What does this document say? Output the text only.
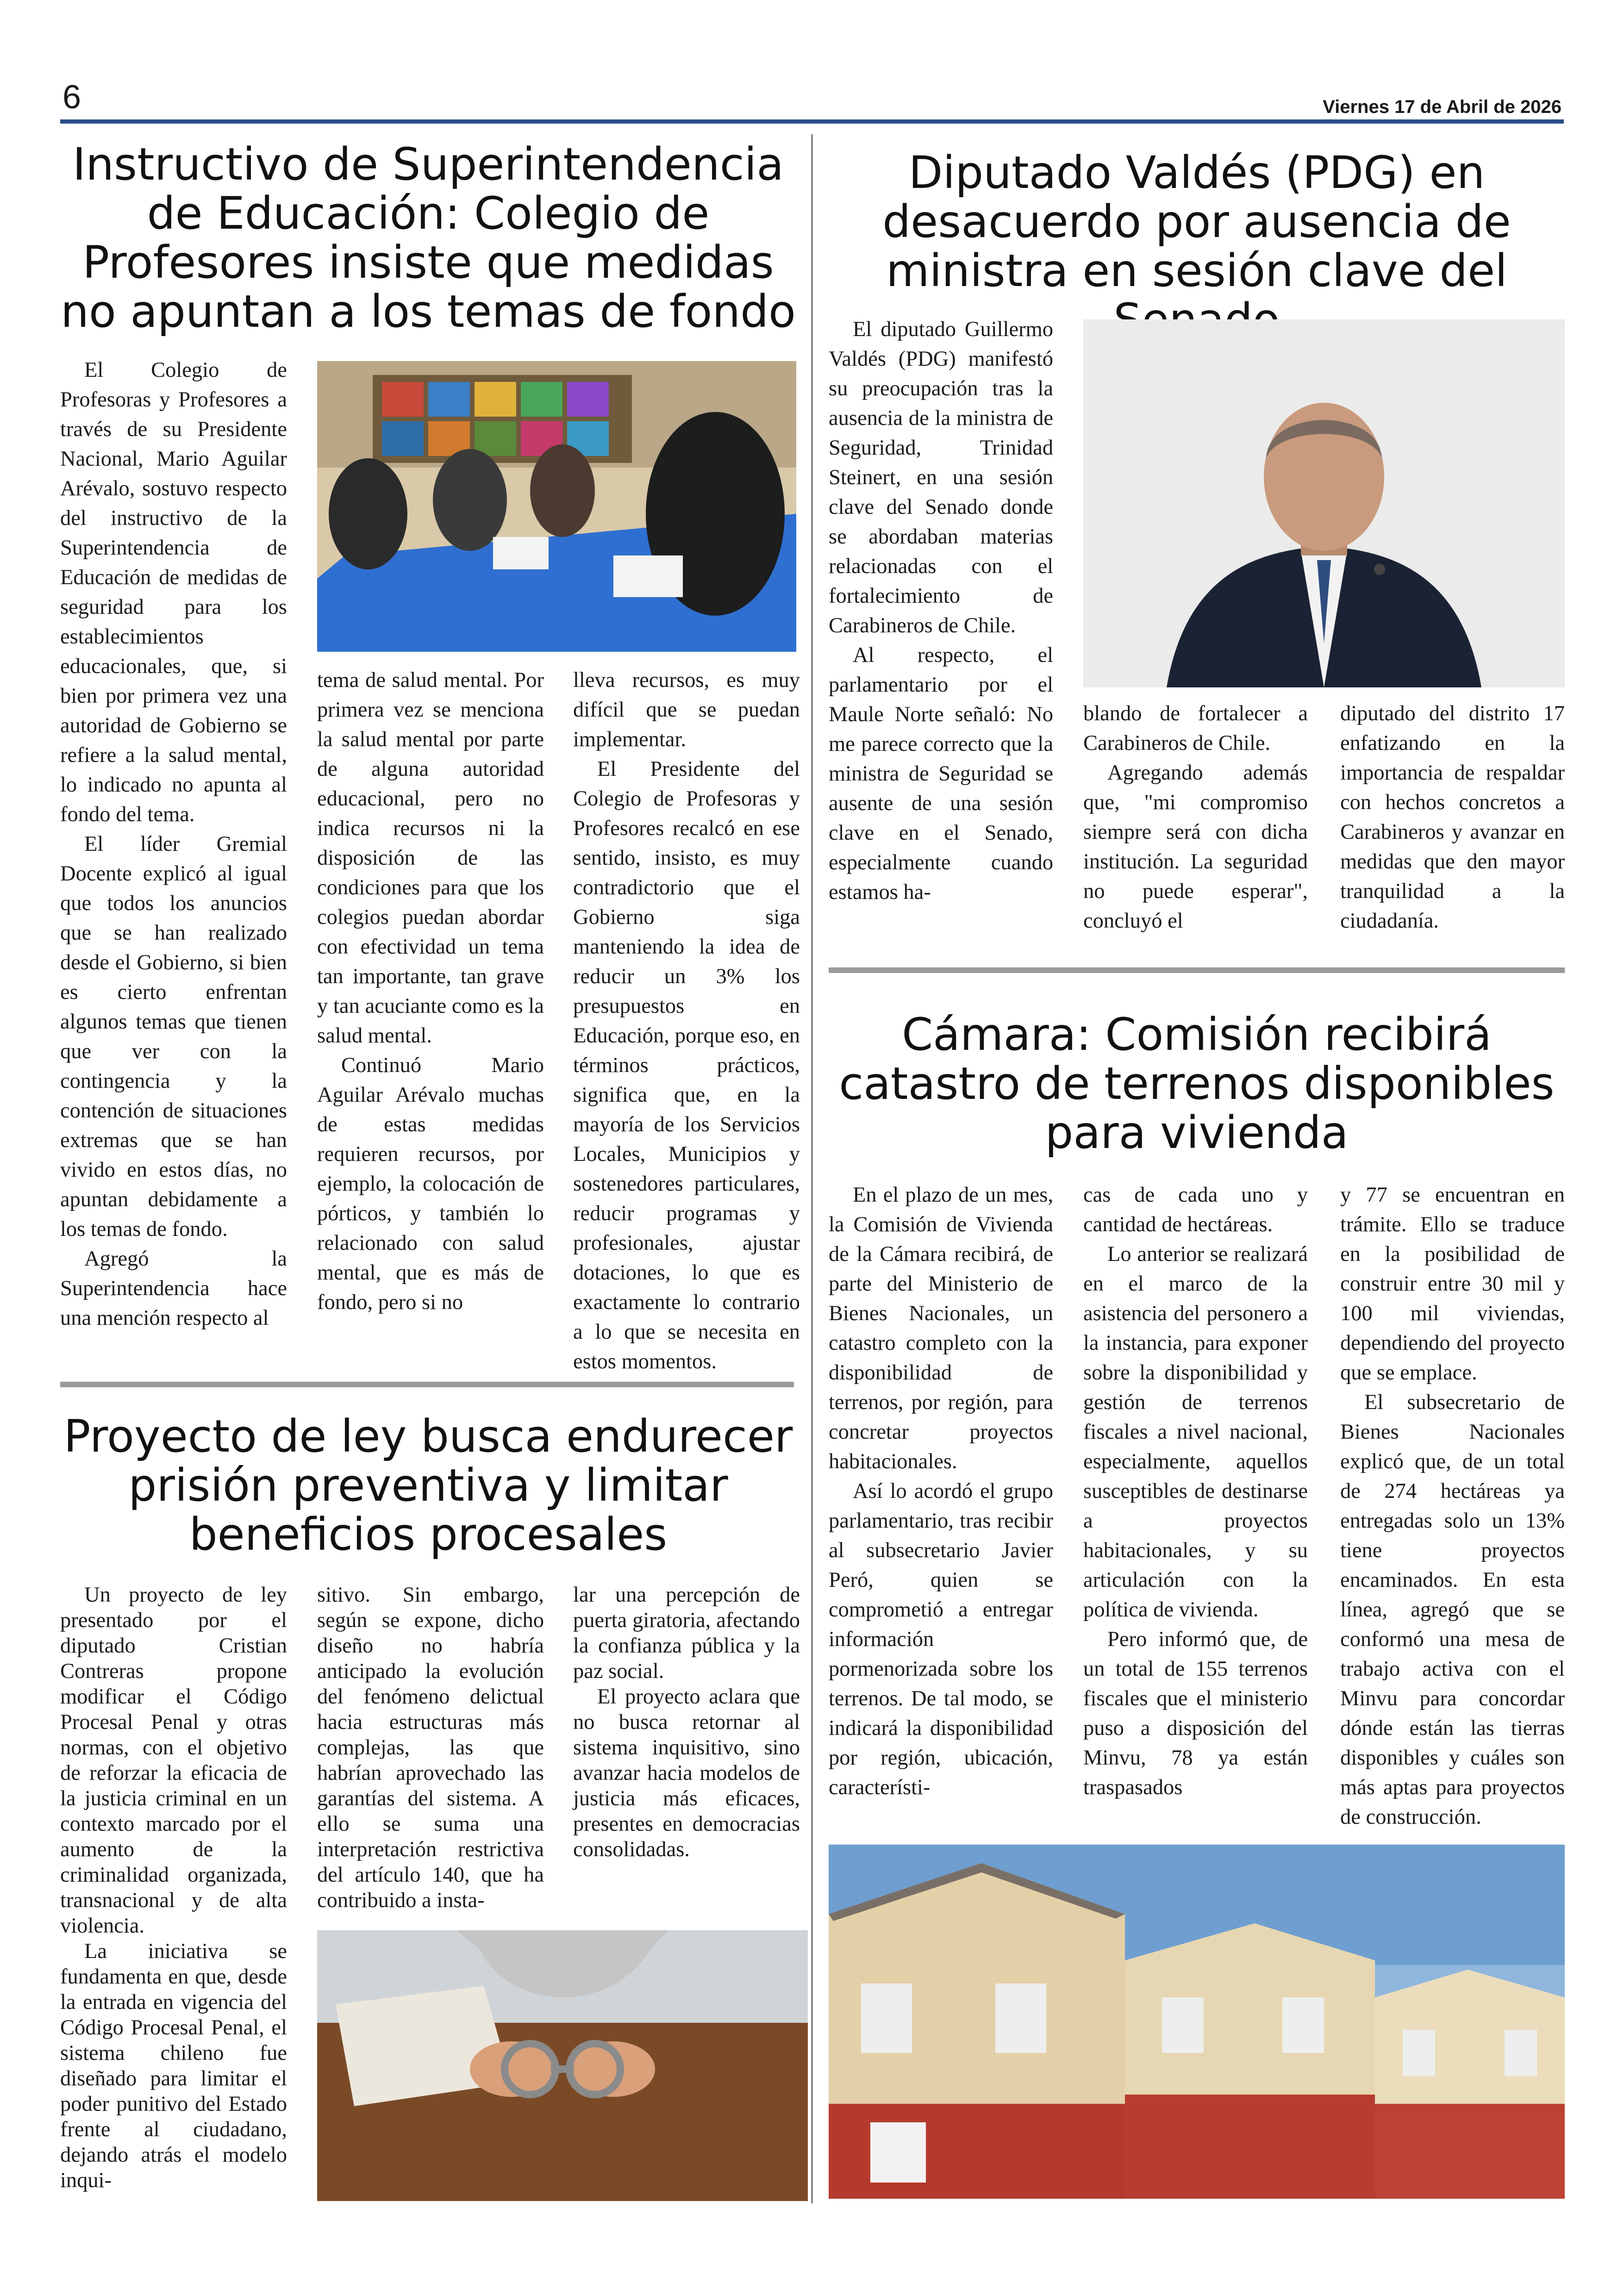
6	Viernes 17 de Abril de 2026
Instructivo de Superintendencia de Educación: Colegio de Profesores insiste que medidas no apuntan a los temas de fondo

El Colegio de Profesoras y Profesores a través de su Presidente Nacional, Mario Aguilar Arévalo, sostuvo respecto del instructivo de la Superintendencia de Educación de medidas de seguridad para los establecimientos educacionales, que, si bien por primera vez una autoridad de Gobierno se refiere a la salud mental, lo indicado no apunta al fondo del tema.

El líder Gremial Docente explicó al igual que todos los anuncios que se han realizado desde el Gobierno, si bien es cierto enfrentan algunos temas que tienen que ver con la contingencia y la contención de situaciones extremas que se han vivido en estos días, no apuntan debidamente a los temas de fondo.

Agregó la Superintendencia hace una mención respecto al

tema de salud mental. Por primera vez se menciona la salud mental por parte de alguna autoridad educacional, pero no indica recursos ni la disposición de las condiciones para que los colegios puedan abordar con efectividad un tema tan importante, tan grave y tan acuciante como es la salud mental.

Continuó Mario Aguilar Arévalo muchas de estas medidas requieren recursos, por ejemplo, la colocación de pórticos, y también lo relacionado con salud mental, que es más de fondo, pero si no

lleva recursos, es muy difícil que se puedan implementar.

El Presidente del Colegio de Profesoras y Profesores recalcó en ese sentido, insisto, es muy contradictorio que el Gobierno siga manteniendo la idea de reducir un 3% los presupuestos en Educación, porque eso, en términos prácticos, significa que, en la mayoría de los Servicios Locales, Municipios y sostenedores particulares, reducir programas y profesionales, ajustar dotaciones, lo que es exactamente lo contrario a lo que se necesita en estos momentos.

Diputado Valdés (PDG) en desacuerdo por ausencia de ministra en sesión clave del

El diputado Guillermo Valdés (PDG) manifestó su preocupación tras la ausencia de la ministra de Seguridad, Trinidad Steinert, en una sesión clave del Senado donde se abordaban materias relacionadas con el fortalecimiento de Carabineros de Chile.

Al respecto, el parlamentario por el Maule Norte señaló: No me parece correcto que la ministra de Seguridad se ausente de una sesión clave en el Senado, especialmente cuando estamos ha-

blando de fortalecer a Carabineros de Chile.

Agregando además que, "mi compromiso siempre será con dicha institución. La seguridad no puede esperar", concluyó el

diputado del distrito 17 enfatizando en la importancia de respaldar con hechos concretos a Carabineros y avanzar en medidas que den mayor tranquilidad a la ciudadanía.

Cámara: Comisión recibirá catastro de terrenos disponibles para vivienda

En el plazo de un mes, la Comisión de Vivienda de la Cámara recibirá, de parte del Ministerio de Bienes Nacionales, un catastro completo con la disponibilidad de terrenos, por región, para concretar proyectos habitacionales.

Así lo acordó el grupo parlamentario, tras recibir al subsecretario Javier Peró, quien se comprometió a entregar información pormenorizada sobre los terrenos. De tal modo, se indicará la disponibilidad por región, ubicación, característi-

cas de cada uno y cantidad de hectáreas.

Lo anterior se realizará en el marco de la asistencia del personero a la instancia, para exponer sobre la disponibilidad y gestión de terrenos fiscales a nivel nacional, especialmente, aquellos susceptibles de destinarse a proyectos habitacionales, y su articulación con la política de vivienda.

Pero informó que, de un total de 155 terrenos fiscales que el ministerio puso a disposición del Minvu, 78 ya están traspasados

y 77 se encuentran en trámite. Ello se traduce en la posibilidad de construir entre 30 mil y 100 mil viviendas, dependiendo del proyecto que se emplace.

El subsecretario de Bienes Nacionales explicó que, de un total de 274 hectáreas ya entregadas solo un 13% tiene proyectos encaminados. En esta línea, agregó que se conformó una mesa de trabajo activa con el Minvu para concordar dónde están las tierras disponibles y cuáles son más aptas para proyectos de construcción.

Proyecto de ley busca endurecer prisión preventiva y limitar beneficios procesales

Un proyecto de ley presentado por el diputado Cristian Contreras propone modificar el Código Procesal Penal y otras normas, con el objetivo de reforzar la eficacia de la justicia criminal en un contexto marcado por el aumento de la criminalidad organizada, transnacional y de alta violencia.

La iniciativa se fundamenta en que, desde la entrada en vigencia del Código Procesal Penal, el sistema chileno fue diseñado para limitar el poder punitivo del Estado frente al ciudadano, dejando atrás el modelo inqui-

sitivo. Sin embargo, según se expone, dicho diseño no habría anticipado la evolución del fenómeno delictual hacia estructuras más complejas, las que habrían aprovechado las garantías del sistema. A ello se suma una interpretación restrictiva del artículo 140, que ha contribuido a insta-

lar una percepción de puerta giratoria, afectando la confianza pública y la paz social.

El proyecto aclara que no busca retornar al sistema inquisitivo, sino avanzar hacia modelos de justicia más eficaces, presentes en democracias consolidadas.
